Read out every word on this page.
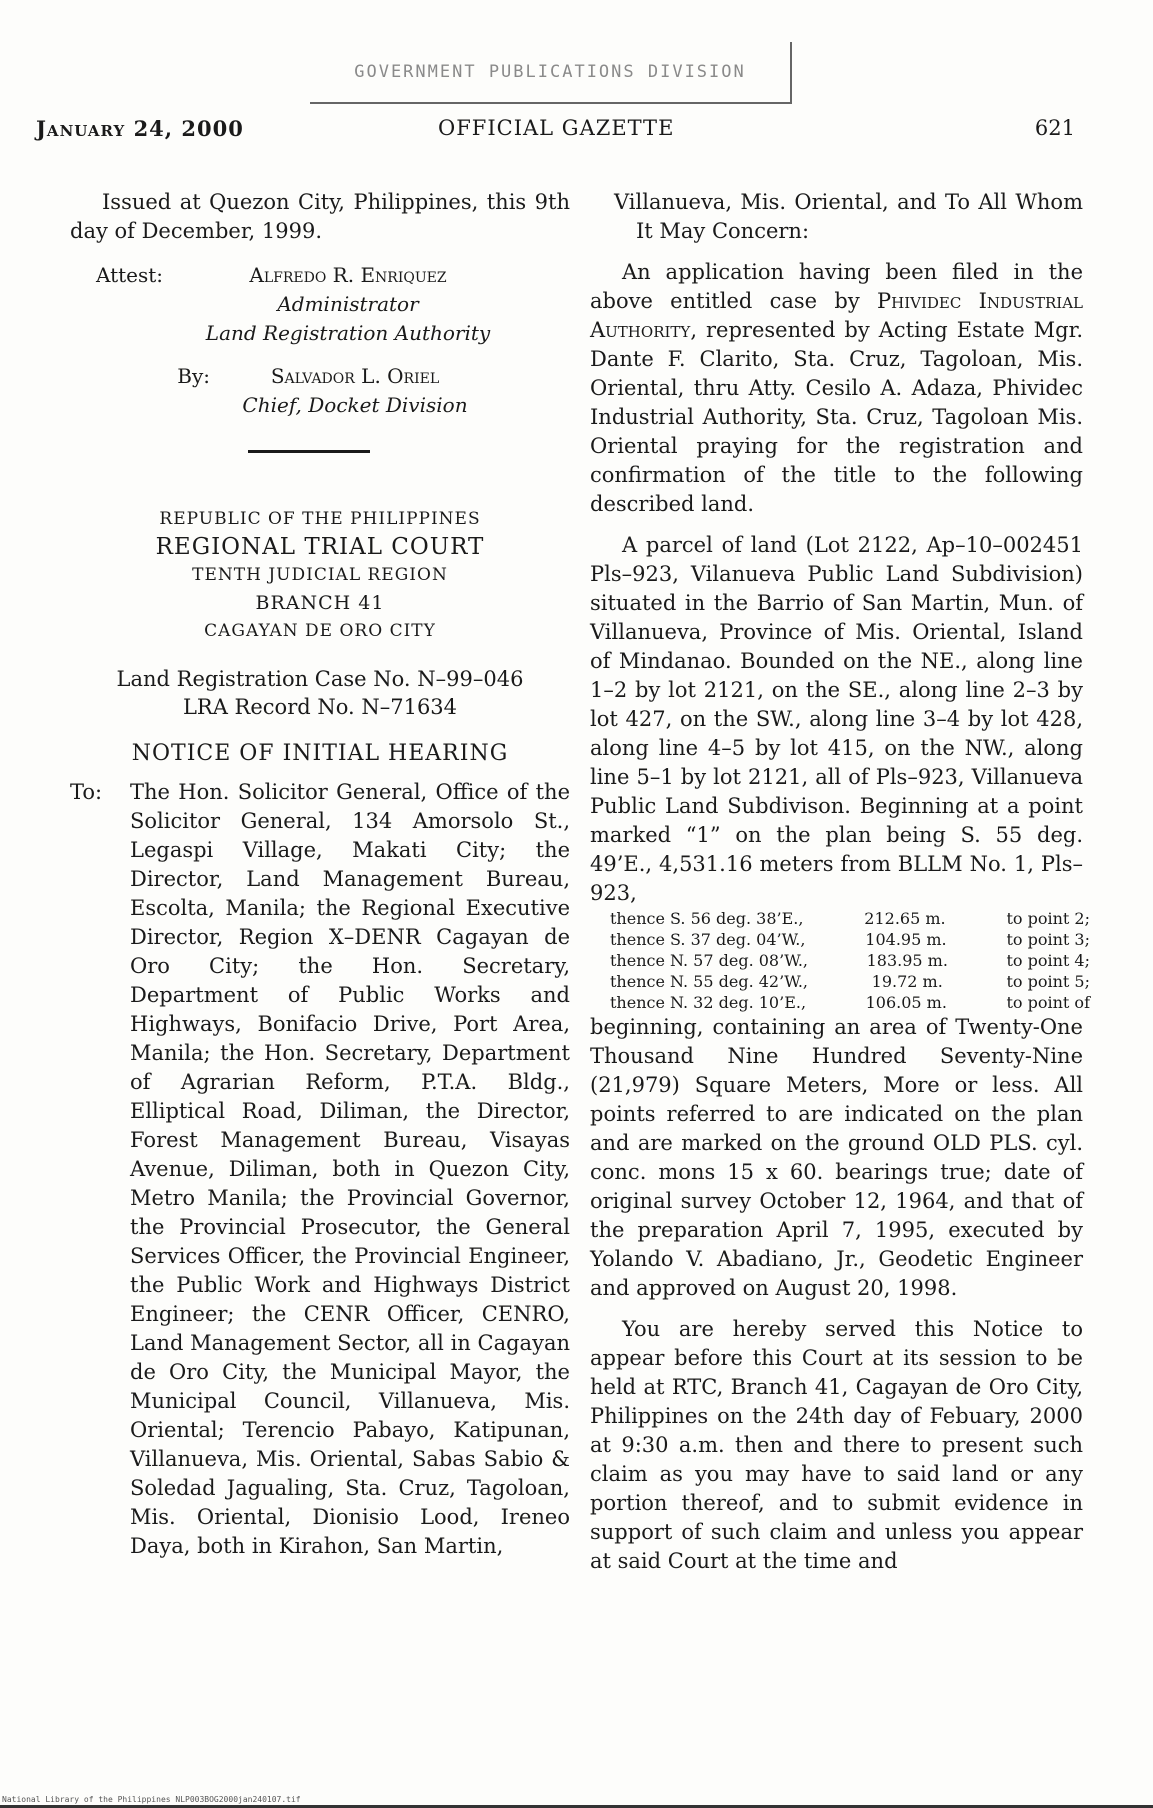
GOVERNMENT PUBLICATIONS DIVISION
January 24, 2000	OFFICIAL GAZETTE	621

Issued at Quezon City, Philippines, this 9th day of December, 1999.

Attest:	Alfredo R. Enriquez
Administrator
Land Registration Authority
By:	Salvador L. Oriel
Chief, Docket Division
REPUBLIC OF THE PHILIPPINES
REGIONAL TRIAL COURT
TENTH JUDICIAL REGION
BRANCH 41
CAGAYAN DE ORO CITY
Land Registration Case No. N–99–046
LRA Record No. N–71634
NOTICE OF INITIAL HEARING
To:	The Hon. Solicitor General, Office of the Solicitor General, 134 Amorsolo St., Legaspi Village, Makati City; the Director, Land Management Bureau, Escolta, Manila; the Regional Executive Director, Region X–DENR Cagayan de Oro City; the Hon. Secretary, Department of Public Works and Highways, Bonifacio Drive, Port Area, Manila; the Hon. Secretary, Department of Agrarian Reform, P.T.A. Bldg., Elliptical Road, Diliman, the Director, Forest Management Bureau, Visayas Avenue, Diliman, both in Quezon City, Metro Manila; the Provincial Governor, the Provincial Prosecutor, the General Services Officer, the Provincial Engineer, the Public Work and Highways District Engineer; the CENR Officer, CENRO, Land Management Sector, all in Cagayan de Oro City, the Municipal Mayor, the Municipal Council, Villanueva, Mis. Oriental; Terencio Pabayo, Katipunan, Villanueva, Mis. Oriental, Sabas Sabio & Soledad Jagualing, Sta. Cruz, Tagoloan, Mis. Oriental, Dionisio Lood, Ireneo Daya, both in Kirahon, San Martin,

Villanueva, Mis. Oriental, and To All Whom It May Concern:

An application having been filed in the above entitled case by Phividec Industrial Authority, represented by Acting Estate Mgr. Dante F. Clarito, Sta. Cruz, Tagoloan, Mis. Oriental, thru Atty. Cesilo A. Adaza, Phividec Industrial Authority, Sta. Cruz, Tagoloan Mis. Oriental praying for the registration and confirmation of the title to the following described land.

A parcel of land (Lot 2122, Ap–10–002451 Pls–923, Vilanueva Public Land Subdivision) situated in the Barrio of San Martin, Mun. of Villanueva, Province of Mis. Oriental, Island of Mindanao. Bounded on the NE., along line 1–2 by lot 2121, on the SE., along line 2–3 by lot 427, on the SW., along line 3–4 by lot 428, along line 4–5 by lot 415, on the NW., along line 5–1 by lot 2121, all of Pls–923, Villanueva Public Land Subdivison. Beginning at a point marked “1” on the plan being S. 55 deg. 49’E., 4,531.16 meters from BLLM No. 1, Pls–923,

thence S. 56 deg. 38’E.,	212.65 m.	to point 2;
thence S. 37 deg. 04’W.,	104.95 m.	to point 3;
thence N. 57 deg. 08’W.,	183.95 m.	to point 4;
thence N. 55 deg. 42’W.,	19.72 m.	to point 5;
thence N. 32 deg. 10’E.,	106.05 m.	to point of

beginning, containing an area of Twenty-One Thousand Nine Hundred Seventy-Nine (21,979) Square Meters, More or less. All points referred to are indicated on the plan and are marked on the ground OLD PLS. cyl. conc. mons 15 x 60. bearings true; date of original survey October 12, 1964, and that of the preparation April 7, 1995, executed by Yolando V. Abadiano, Jr., Geodetic Engineer and approved on August 20, 1998.

You are hereby served this Notice to appear before this Court at its session to be held at RTC, Branch 41, Cagayan de Oro City, Philippines on the 24th day of Febuary, 2000 at 9:30 a.m. then and there to present such claim as you may have to said land or any portion thereof, and to submit evidence in support of such claim and unless you appear at said Court at the time and

National Library of the Philippines NLP003BOG2000jan240107.tif
